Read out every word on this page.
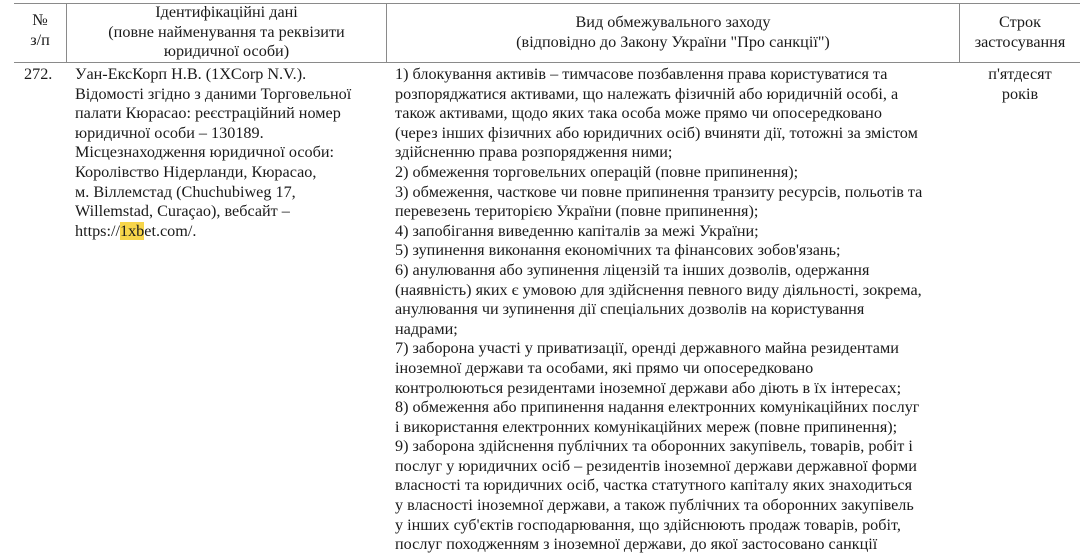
№
з/п
Ідентифікаційні дані
(повне найменування та реквізити
юридичної особи)
Вид обмежувального заходу
(відповідно до Закону України "Про санкції")
Строк
застосування
272. Уан-ЕксКорп Н.В. (1XCorp N.V.).
Відомості згідно з даними Торговельної
палати Кюрасао: реєстраційний номер
юридичної особи – 130189.
Місцезнаходження юридичної особи:
Королівство Нідерланди, Кюрасао,
м. Віллемстад (Chuchubiweg 17,
Willemstad, Curaçao), вебсайт –
https://1xbet.com/.
1) блокування активів – тимчасове позбавлення права користуватися та
розпоряджатися активами, що належать фізичній або юридичній особі, а
також активами, щодо яких така особа може прямо чи опосередковано
(через інших фізичних або юридичних осіб) вчиняти дії, тотожні за змістом
здійсненню права розпорядження ними;
2) обмеження торговельних операцій (повне припинення);
3) обмеження, часткове чи повне припинення транзиту ресурсів, польотів та
перевезень територією України (повне припинення);
4) запобігання виведенню капіталів за межі України;
5) зупинення виконання економічних та фінансових зобов'язань;
6) анулювання або зупинення ліцензій та інших дозволів, одержання
(наявність) яких є умовою для здійснення певного виду діяльності, зокрема,
анулювання чи зупинення дії спеціальних дозволів на користування
надрами;
7) заборона участі у приватизації, оренді державного майна резидентами
іноземної держави та особами, які прямо чи опосередковано
контролюються резидентами іноземної держави або діють в їх інтересах;
8) обмеження або припинення надання електронних комунікаційних послуг
і використання електронних комунікаційних мереж (повне припинення);
9) заборона здійснення публічних та оборонних закупівель, товарів, робіт і
послуг у юридичних осіб – резидентів іноземної держави державної форми
власності та юридичних осіб, частка статутного капіталу яких знаходиться
у власності іноземної держави, а також публічних та оборонних закупівель
у інших суб'єктів господарювання, що здійснюють продаж товарів, робіт,
послуг походженням з іноземної держави, до якої застосовано санкції
п'ятдесят
років
